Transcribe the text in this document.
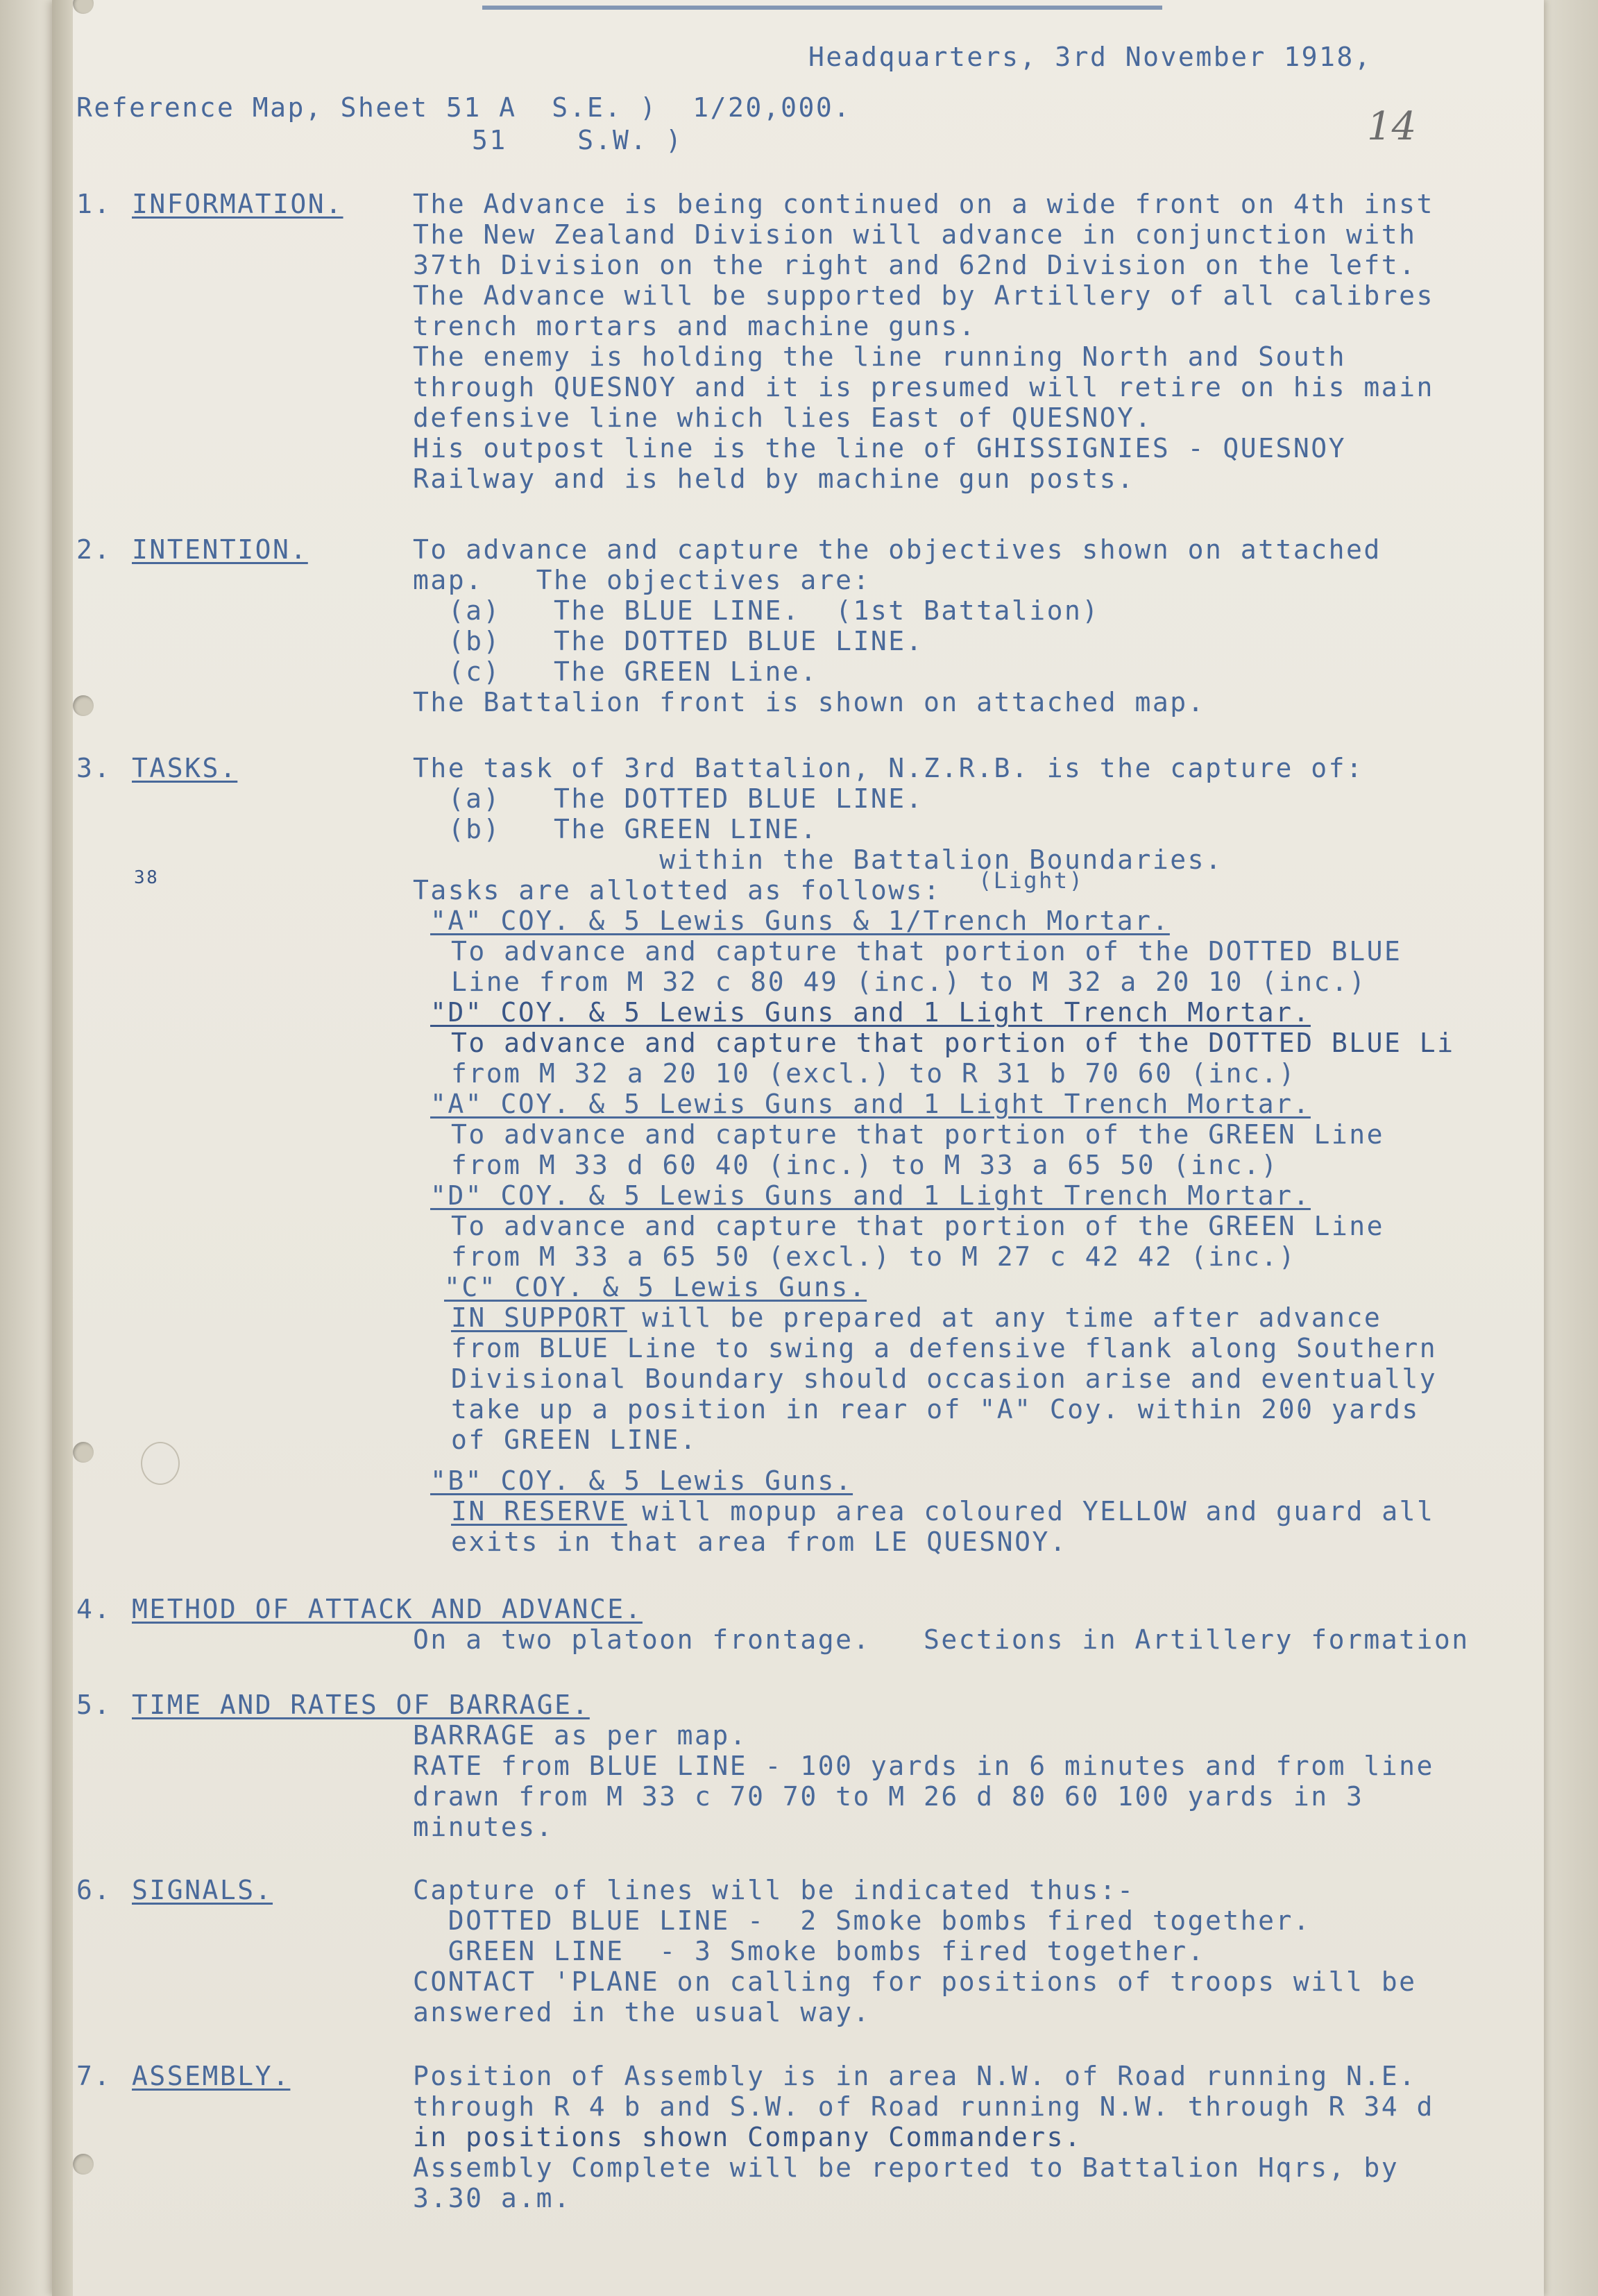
Headquarters, 3rd November 1918,
Reference Map, Sheet 51 A  S.E. )  1/20,000.
51    S.W. )	14
1. INFORMATION.	The Advance is being continued on a wide front on 4th inst
The New Zealand Division will advance in conjunction with
37th Division on the right and 62nd Division on the left.
The Advance will be supported by Artillery of all calibres
trench mortars and machine guns.
The enemy is holding the line running North and South
through QUESNOY and it is presumed will retire on his main
defensive line which lies East of QUESNOY.
His outpost line is the line of GHISSIGNIES - QUESNOY
Railway and is held by machine gun posts.
2. INTENTION.	To advance and capture the objectives shown on attached
map.   The objectives are:
(a)   The BLUE LINE.  (1st Battalion)
(b)   The DOTTED BLUE LINE.
(c)   The GREEN Line.
The Battalion front is shown on attached map.
3. TASKS.
38
The task of 3rd Battalion, N.Z.R.B. is the capture of:
(a)   The DOTTED BLUE LINE.
(b)   The GREEN LINE.
within the Battalion Boundaries.
Tasks are allotted as follows: (Light)
"A" COY. & 5 Lewis Guns & 1/Trench Mortar.
To advance and capture that portion of the DOTTED BLUE
Line from M 32 c 80 49 (inc.) to M 32 a 20 10 (inc.)
"D" COY. & 5 Lewis Guns and 1 Light Trench Mortar.
To advance and capture that portion of the DOTTED BLUE Li
from M 32 a 20 10 (excl.) to R 31 b 70 60 (inc.)
"A" COY. & 5 Lewis Guns and 1 Light Trench Mortar.
To advance and capture that portion of the GREEN Line
from M 33 d 60 40 (inc.) to M 33 a 65 50 (inc.)
"D" COY. & 5 Lewis Guns and 1 Light Trench Mortar.
To advance and capture that portion of the GREEN Line
from M 33 a 65 50 (excl.) to M 27 c 42 42 (inc.)
"C" COY. & 5 Lewis Guns.
IN SUPPORT
will be prepared at any time after advance
from BLUE Line to swing a defensive flank along Southern
Divisional Boundary should occasion arise and eventually
take up a position in rear of "A" Coy. within 200 yards
of GREEN LINE.
"B" COY. & 5 Lewis Guns.
IN RESERVE
will mopup area coloured YELLOW and guard all
exits in that area from LE QUESNOY.
4. METHOD OF ATTACK AND ADVANCE.
On a two platoon frontage.   Sections in Artillery formation
5. TIME AND RATES OF BARRAGE.
BARRAGE as per map.
RATE from BLUE LINE - 100 yards in 6 minutes and from line
drawn from M 33 c 70 70 to M 26 d 80 60 100 yards in 3
minutes.
6. SIGNALS.	Capture of lines will be indicated thus:-
DOTTED BLUE LINE -  2 Smoke bombs fired together.
GREEN LINE  - 3 Smoke bombs fired together.
CONTACT 'PLANE on calling for positions of troops will be
answered in the usual way.
7. ASSEMBLY.	Position of Assembly is in area N.W. of Road running N.E.
through R 4 b and S.W. of Road running N.W. through R 34 d
in positions shown Company Commanders.
Assembly Complete will be reported to Battalion Hqrs, by
3.30 a.m.
